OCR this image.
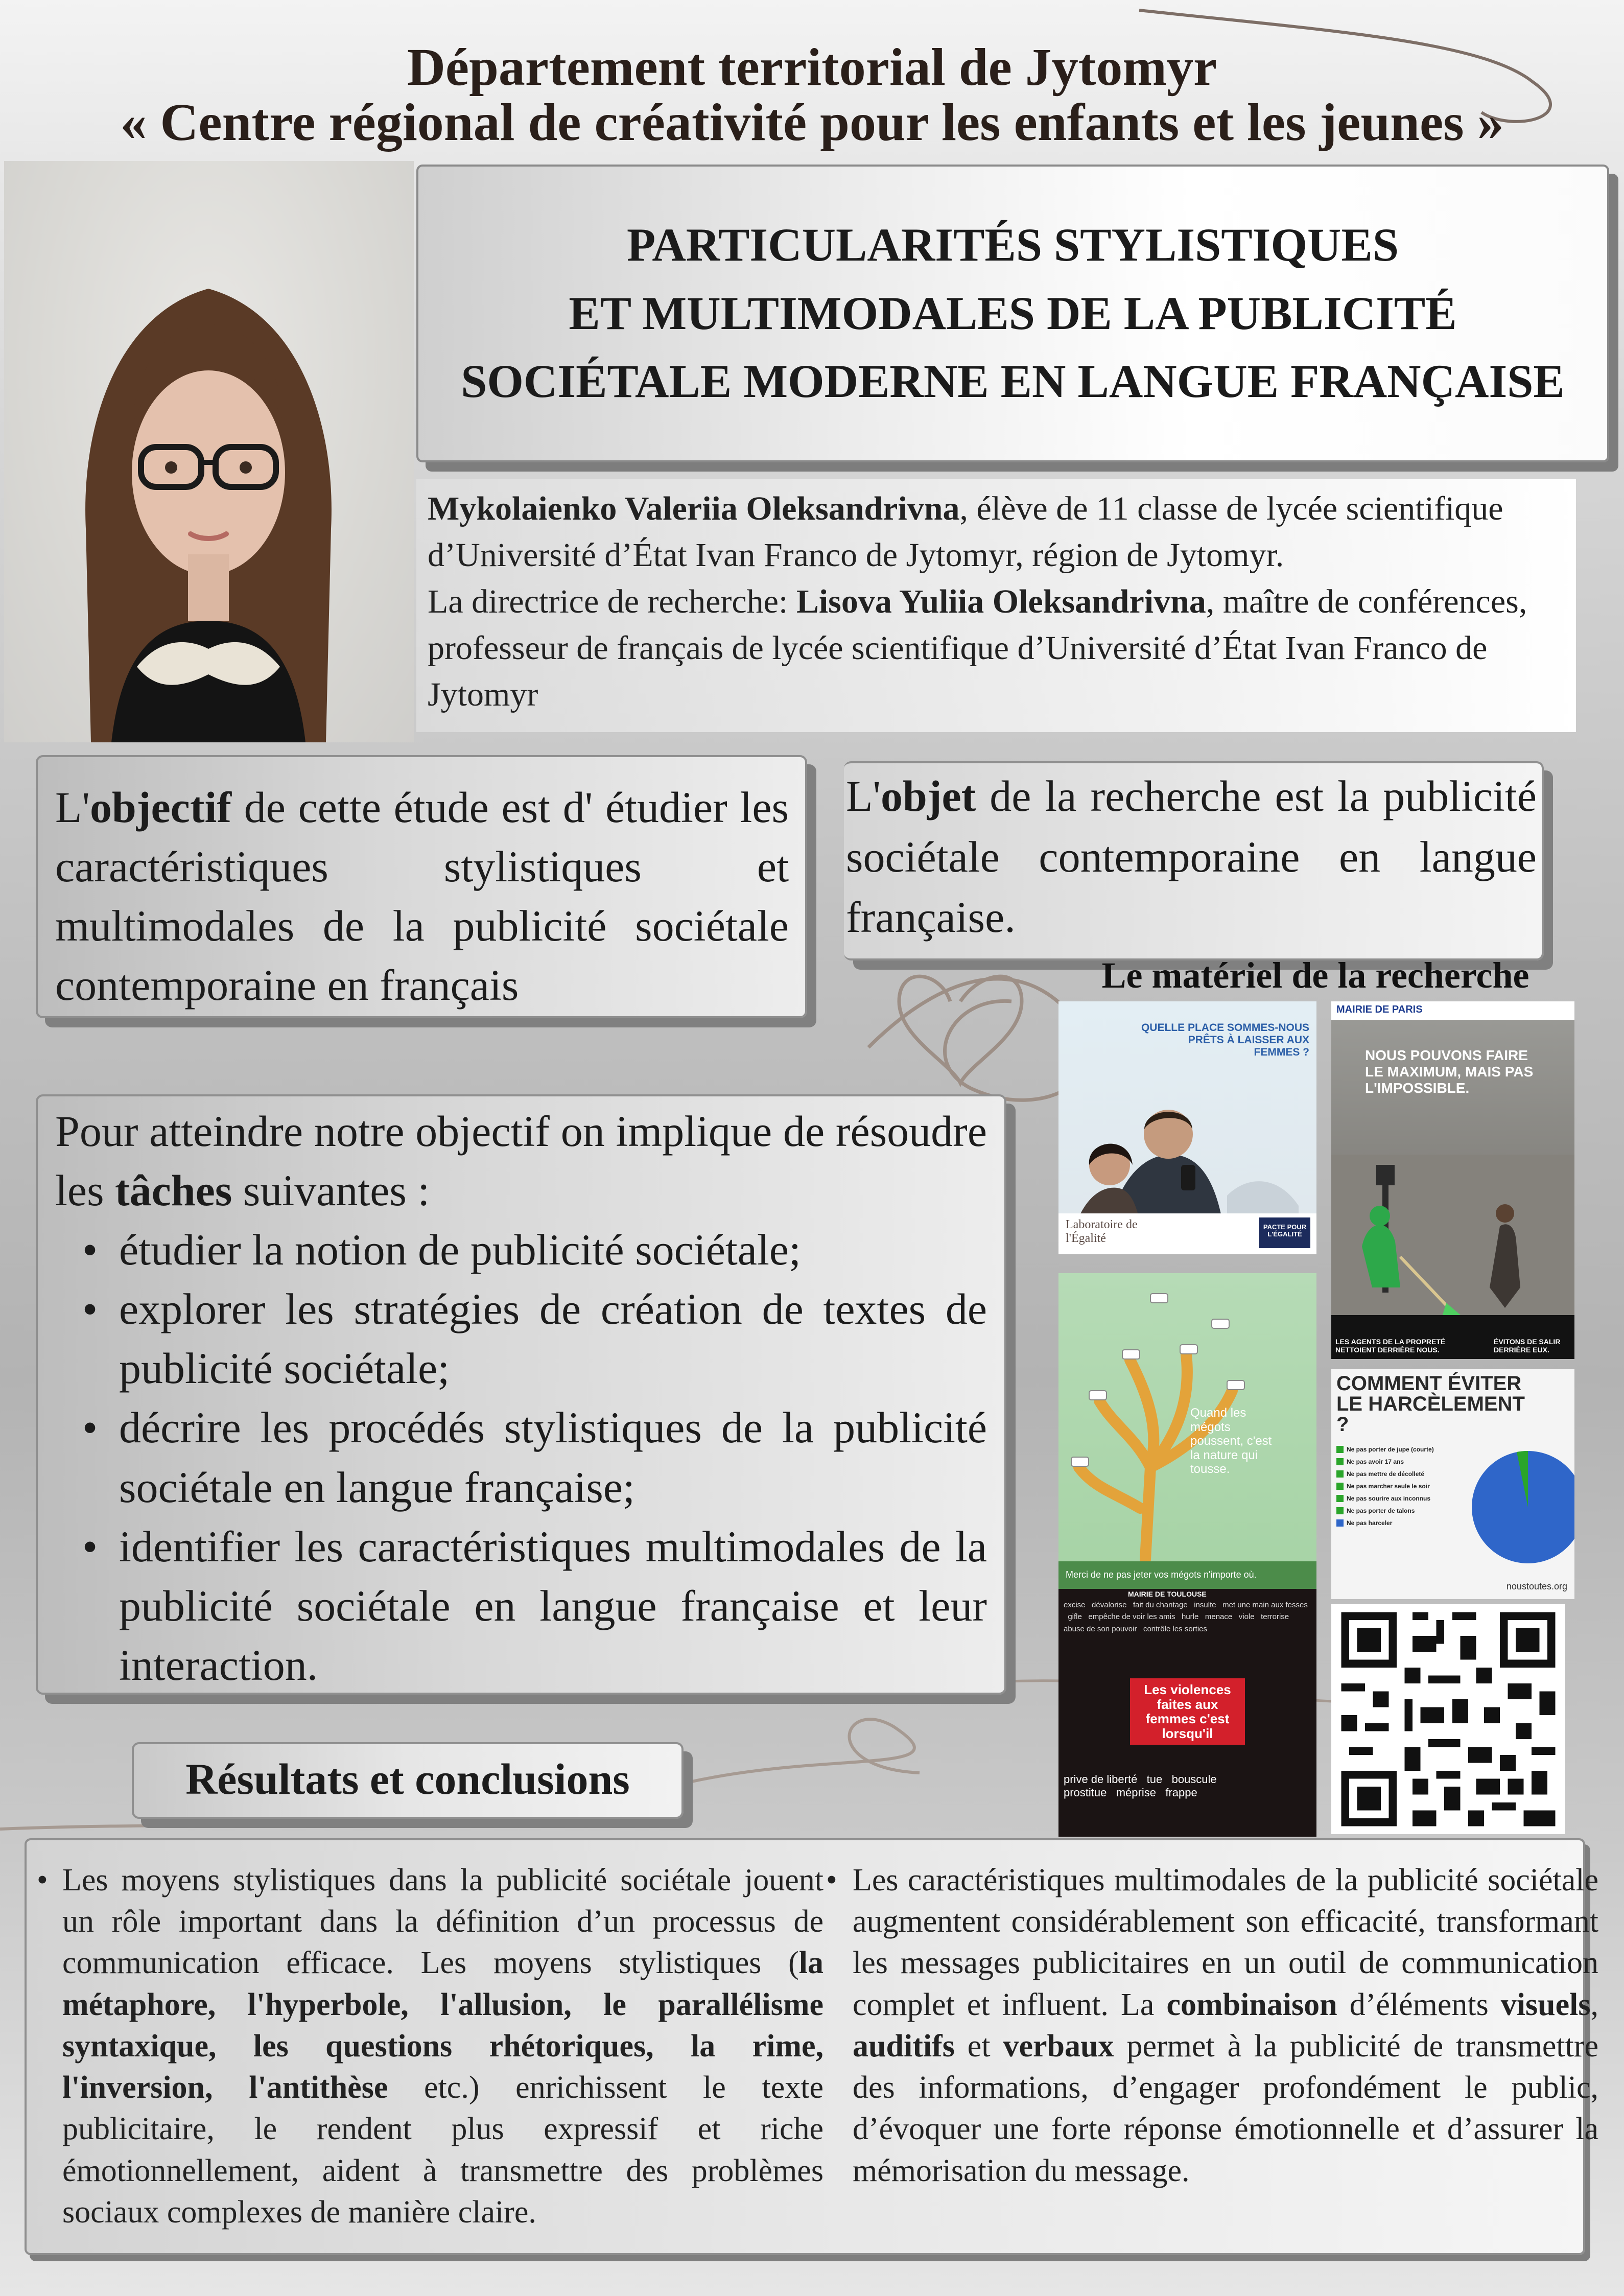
Département territorial de Jytomyr
« Centre régional de créativité pour les enfants et les jeunes »
PARTICULARITÉS STYLISTIQUES
ET MULTIMODALES DE LA PUBLICITÉ
SOCIÉTALE MODERNE EN LANGUE FRANÇAISE
Mykolaienko Valeriia Oleksandrivna, élève de 11 classe de lycée scientifique d’Université d’État Ivan Franco de Jytomyr, région de Jytomyr.
La directrice de recherche: Lisova Yuliia Oleksandrivna, maître de conférences, professeur de français de lycée scientifique d’Université d’État Ivan Franco de Jytomyr
L'objectif de cette étude est d' étudier les caractéristiques stylistiques et multimodales de la publicité sociétale contemporaine en français
L'objet de la recherche est la publicité sociétale contemporaine en langue française.
Le matériel de la recherche
Pour atteindre notre objectif on implique de résoudre les tâches suivantes :
• étudier la notion de publicité sociétale;
• explorer les stratégies de création de textes de publicité sociétale;
• décrire les procédés stylistiques de la publicité sociétale en langue française;
• identifier les caractéristiques multimodales de la publicité sociétale en langue française et leur interaction.
QUELLE PLACE SOMMES-NOUS PRÊTS À LAISSER AUX FEMMES ?
Laboratoire de l'Égalité
PACTE POUR L'ÉGALITÉ
MAIRIE DE PARIS
NOUS POUVONS FAIRE LE MAXIMUM, MAIS PAS L'IMPOSSIBLE.
LES AGENTS DE LA PROPRETÉ NETTOIENT DERRIÈRE NOUS.
ÉVITONS DE SALIR DERRIÈRE EUX.
Quand les mégots poussent, c'est la nature qui tousse.
Merci de ne pas jeter vos mégots n'importe où.
COMMENT ÉVITER LE HARCÈLEMENT ?
Ne pas porter de jupe (courte)
Ne pas avoir 17 ans
Ne pas mettre de décolleté
Ne pas marcher seule le soir
Ne pas sourire aux inconnus
Ne pas porter de talons
Ne pas harceler
noustoutes.org
MAIRIE DE TOULOUSE
excise dévalorise fait du chantage insulte met une main aux fesses   gifle empêche de voir les amis hurle menace viole terrorise   abuse de son pouvoir contrôle les sorties
Les violences faites aux femmes c'est lorsqu'il
prive de liberté tue bouscule
prostitue méprise frappe
Résultats et conclusions
• Les moyens stylistiques dans la publicité sociétale jouent un rôle important dans la définition d’un processus de communication efficace. Les moyens stylistiques (la métaphore, l'hyperbole, l'allusion, le parallélisme syntaxique, les questions rhétoriques, la rime, l'inversion, l'antithèse etc.) enrichissent le texte publicitaire, le rendent plus expressif et riche émotionnellement, aident à transmettre des problèmes sociaux complexes de manière claire.
• Les caractéristiques multimodales de la publicité sociétale augmentent considérablement son efficacité, transformant les messages publicitaires en un outil de communication complet et influent. La combinaison d’éléments visuels, auditifs et verbaux permet à la publicité de transmettre des informations, d’engager profondément le public, d’évoquer une forte réponse émotionnelle et d’assurer la mémorisation du message.
